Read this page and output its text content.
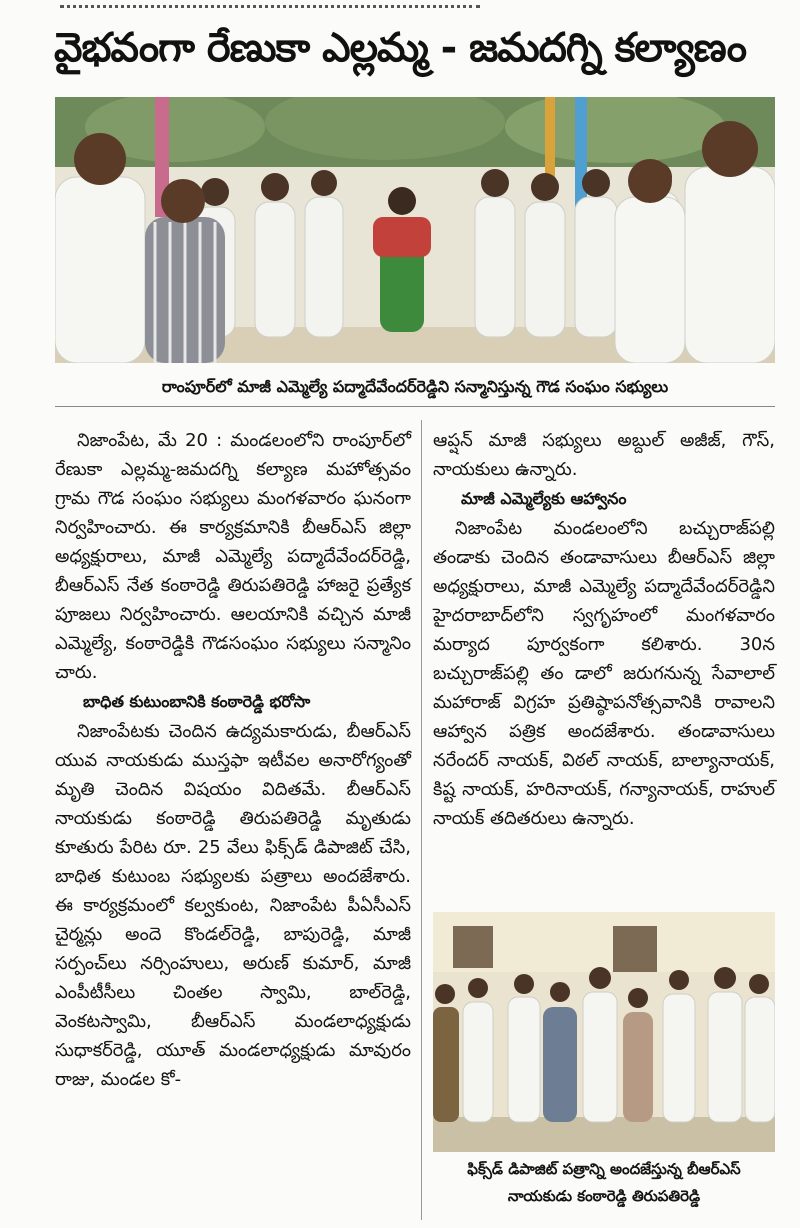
వైభవంగా రేణుకా ఎల్లమ్మ - జమదగ్ని కల్యాణం
రాంపూర్‌లో మాజీ ఎమ్మెల్యే పద్మాదేవేందర్‌రెడ్డిని సన్మానిస్తున్న గౌడ సంఘం సభ్యులు

నిజాంపేట, మే 20 : మండలంలోని రాంపూర్‌లో రేణుకా ఎల్లమ్మ-జమదగ్ని కల్యాణ మహోత్సవం గ్రామ గౌడ సంఘం సభ్యులు మంగళవారం ఘనంగా నిర్వహించారు. ఈ కార్యక్రమానికి బీఆర్‌ఎస్ జిల్లా అధ్యక్షురాలు, మాజీ ఎమ్మెల్యే పద్మాదేవేందర్‌రెడ్డి, బీఆర్‌ఎస్ నేత కంఠారెడ్డి తిరుపతిరెడ్డి హాజరై ప్రత్యేక పూజలు నిర్వహించారు. ఆలయానికి వచ్చిన మాజీ ఎమ్మెల్యే, కంఠారెడ్డికి గౌడసంఘం సభ్యులు సన్మానిం చారు.

బాధిత కుటుంబానికి కంఠారెడ్డి భరోసా

నిజాంపేటకు చెందిన ఉద్యమకారుడు, బీఆర్‌ఎస్ యువ నాయకుడు ముస్తఫా ఇటీవల అనారోగ్యంతో మృతి చెందిన విషయం విదితమే. బీఆర్‌ఎస్ నాయకుడు కంఠారెడ్డి తిరుపతిరెడ్డి మృతుడు కూతురు పేరిట రూ. 25 వేలు ఫిక్స్‌డ్ డిపాజిట్ చేసి, బాధిత కుటుంబ సభ్యులకు పత్రాలు అందజేశారు. ఈ కార్యక్రమంలో కల్వకుంట, నిజాంపేట పీఏసీఎస్ చైర్మన్లు అందె కొండల్‌రెడ్డి, బాపురెడ్డి, మాజీ సర్పంచ్‌లు నర్సింహులు, అరుణ్ కుమార్, మాజీ ఎంపీటీసీలు చింతల స్వామి, బాల్‌రెడ్డి, వెంకటస్వామి, బీఆర్‌ఎస్ మండలాధ్యక్షుడు సుధాకర్‌రెడ్డి, యూత్ మండలాధ్యక్షుడు మావురం రాజు, మండల కో-

ఆప్షన్ మాజీ సభ్యులు అబ్దుల్ అజీజ్, గౌస్, నాయకులు ఉన్నారు.

మాజీ ఎమ్మెల్యేకు ఆహ్వానం

నిజాంపేట మండలంలోని బచ్చురాజ్‌పల్లి తండాకు చెందిన తండావాసులు బీఆర్‌ఎస్ జిల్లా అధ్యక్షురాలు, మాజీ ఎమ్మెల్యే పద్మాదేవేందర్‌రెడ్డిని హైదరాబాద్‌లోని స్వగృహంలో మంగళవారం మర్యాద పూర్వకంగా కలిశారు. 30న బచ్చురాజ్‌పల్లి తం డాలో జరుగనున్న సేవాలాల్ మహారాజ్ విగ్రహ ప్రతిష్ఠాపనోత్సవానికి రావాలని ఆహ్వాన పత్రిక అందజేశారు. తండావాసులు నరేందర్ నాయక్, విఠల్ నాయక్, బాల్యానాయక్, కిష్ట నాయక్, హరినాయక్, గన్యానాయక్, రాహుల్ నాయక్ తదితరులు ఉన్నారు.

ఫిక్స్‌డ్ డిపాజిట్ పత్రాన్ని అందజేస్తున్న బీఆర్‌ఎస్ నాయకుడు కంఠారెడ్డి తిరుపతిరెడ్డి
